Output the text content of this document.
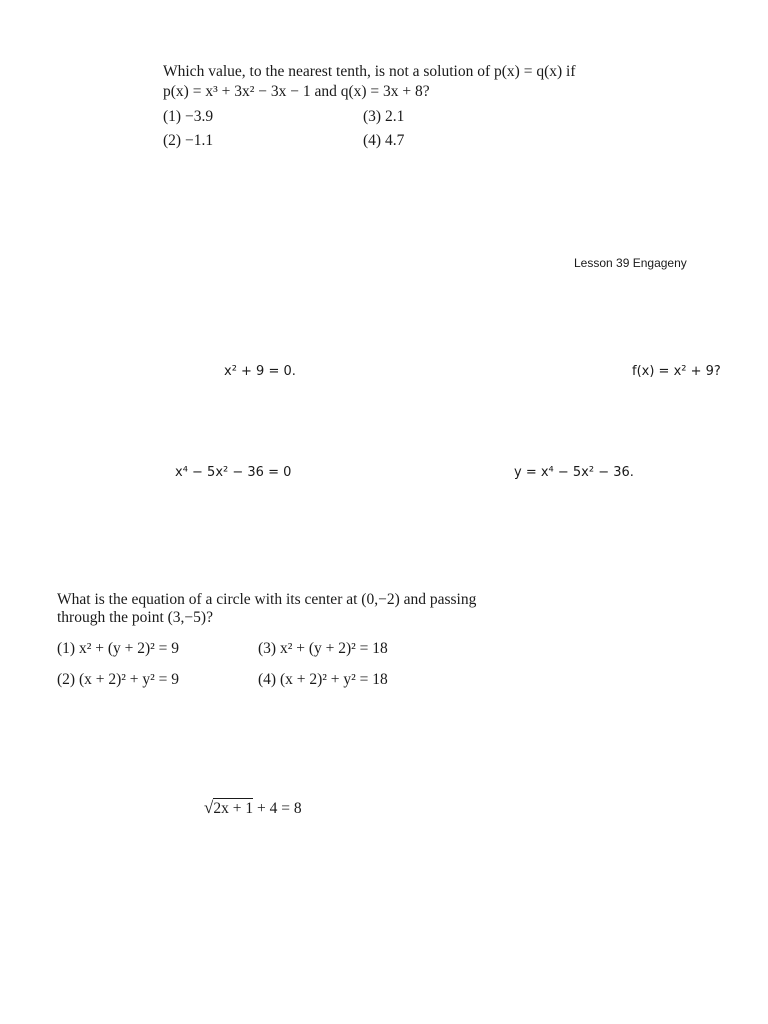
Which value, to the nearest tenth, is not a solution of p(x) = q(x) if
p(x) = x³ + 3x² − 3x − 1 and q(x) = 3x + 8?
(1) −3.9
(2) −1.1
(3) 2.1
(4) 4.7
Lesson 39 Engageny
x² + 9 = 0.	f(x) = x² + 9?
x⁴ − 5x² − 36 = 0	y = x⁴ − 5x² − 36.
What is the equation of a circle with its center at (0,−2) and passing
through the point (3,−5)?
(1) x² + (y + 2)² = 9
(2) (x + 2)² + y² = 9
(3) x² + (y + 2)² = 18
(4) (x + 2)² + y² = 18
√2x + 1 + 4 = 8
